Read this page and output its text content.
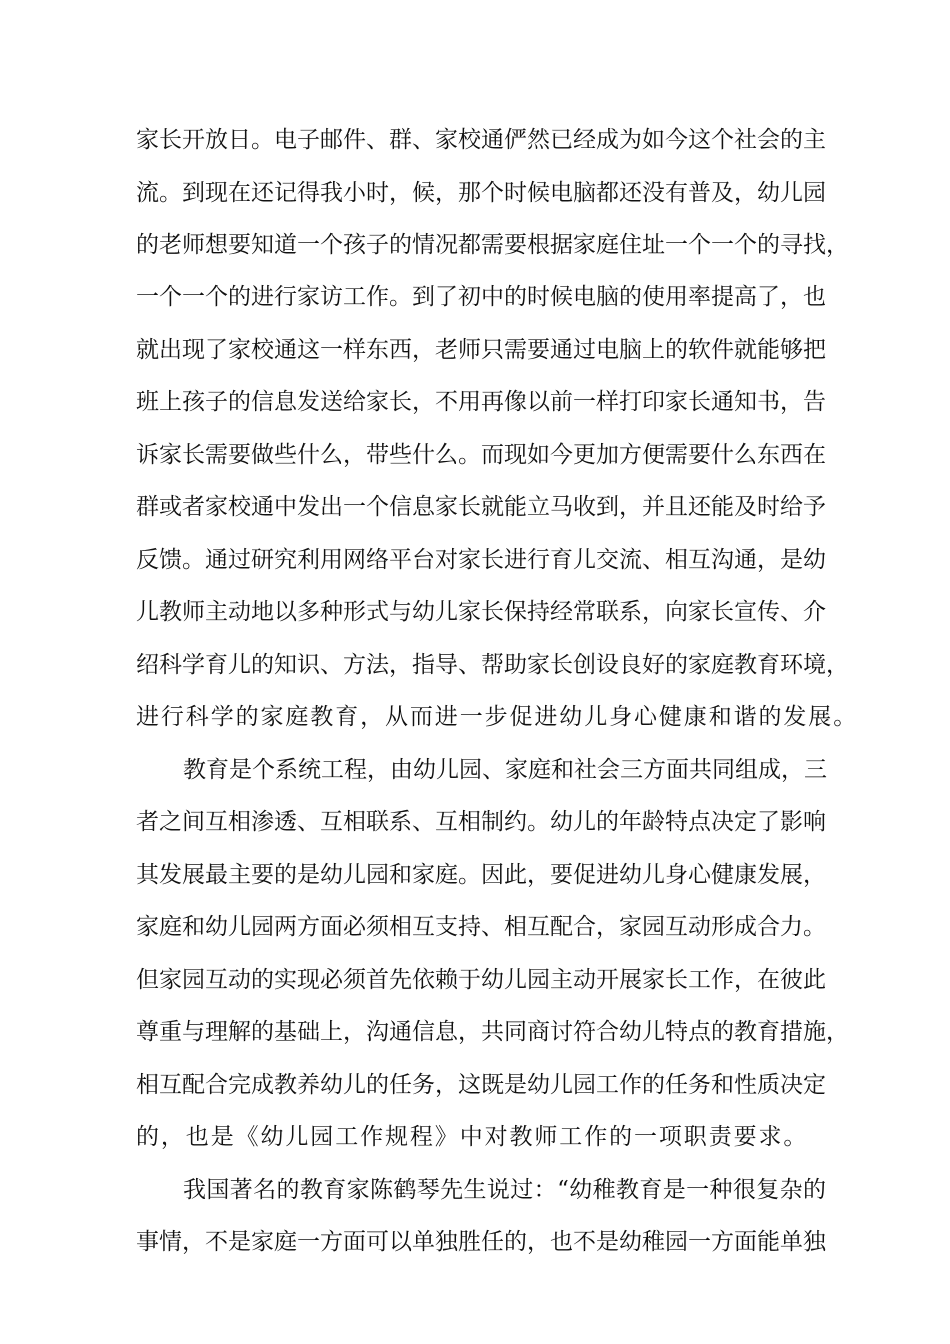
家长开放日。电子邮件、群、家校通俨然已经成为如今这个社会的主
流。到现在还记得我小时，候，那个时候电脑都还没有普及，幼儿园
的老师想要知道一个孩子的情况都需要根据家庭住址一个一个的寻找，
一个一个的进行家访工作。到了初中的时候电脑的使用率提高了，也
就出现了家校通这一样东西，老师只需要通过电脑上的软件就能够把
班上孩子的信息发送给家长，不用再像以前一样打印家长通知书，告
诉家长需要做些什么，带些什么。而现如今更加方便需要什么东西在
群或者家校通中发出一个信息家长就能立马收到，并且还能及时给予
反馈。通过研究利用网络平台对家长进行育儿交流、相互沟通，是幼
儿教师主动地以多种形式与幼儿家长保持经常联系，向家长宣传、介
绍科学育儿的知识、方法，指导、帮助家长创设良好的家庭教育环境，
进行科学的家庭教育，从而进一步促进幼儿身心健康和谐的发展。
教育是个系统工程，由幼儿园、家庭和社会三方面共同组成，三
者之间互相渗透、互相联系、互相制约。幼儿的年龄特点决定了影响
其发展最主要的是幼儿园和家庭。因此，要促进幼儿身心健康发展，
家庭和幼儿园两方面必须相互支持、相互配合，家园互动形成合力。
但家园互动的实现必须首先依赖于幼儿园主动开展家长工作，在彼此
尊重与理解的基础上，沟通信息，共同商讨符合幼儿特点的教育措施，
相互配合完成教养幼儿的任务，这既是幼儿园工作的任务和性质决定
的，也是《幼儿园工作规程》中对教师工作的一项职责要求。
我国著名的教育家陈鹤琴先生说过：“幼稚教育是一种很复杂的
事情，不是家庭一方面可以单独胜任的，也不是幼稚园一方面能单独
